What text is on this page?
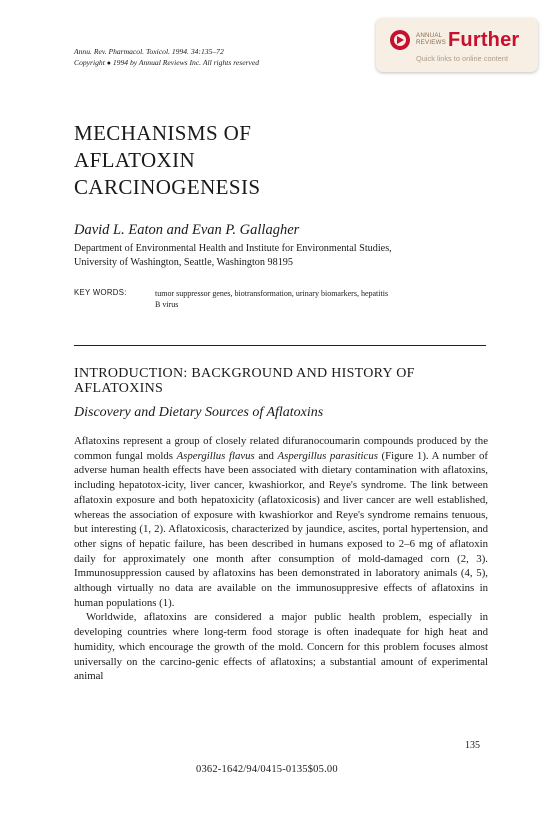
Annu. Rev. Pharmacol. Toxicol. 1994. 34:135–72
Copyright ● 1994 by Annual Reviews Inc. All rights reserved
ANNUAL
REVIEWS Further
Quick links to online content
MECHANISMS OF
AFLATOXIN
CARCINOGENESIS
David L. Eaton and Evan P. Gallagher
Department of Environmental Health and Institute for Environmental Studies,
University of Washington, Seattle, Washington 98195
KEY WORDS:	tumor suppressor genes, biotransformation, urinary biomarkers, hepatitis
B virus
INTRODUCTION: BACKGROUND AND HISTORY OF
AFLATOXINS
Discovery and Dietary Sources of Aflatoxins

Aflatoxins represent a group of closely related difuranocoumarin compounds produced by the common fungal molds Aspergillus flavus and Aspergillus parasiticus (Figure 1). A number of adverse human health effects have been associated with dietary contamination with aflatoxins, including hepatotox-icity, liver cancer, kwashiorkor, and Reye's syndrome. The link between aflatoxin exposure and both hepatoxicity (aflatoxicosis) and liver cancer are well established, whereas the association of exposure with kwashiorkor and Reye's syndrome remains tenuous, but interesting (1, 2). Aflatoxicosis, characterized by jaundice, ascites, portal hypertension, and other signs of hepatic failure, has been described in humans exposed to 2–6 mg of aflatoxin daily for approximately one month after consumption of mold-damaged corn (2, 3). Immunosuppression caused by aflatoxins has been demonstrated in laboratory animals (4, 5), although virtually no data are available on the immunosuppresive effects of aflatoxins in human populations (1).

Worldwide, aflatoxins are considered a major public health problem, especially in developing countries where long-term food storage is often inadequate for high heat and humidity, which encourage the growth of the mold. Concern for this problem focuses almost universally on the carcino-genic effects of aflatoxins; a substantial amount of experimental animal

135
0362-1642/94/0415-0135$05.00
